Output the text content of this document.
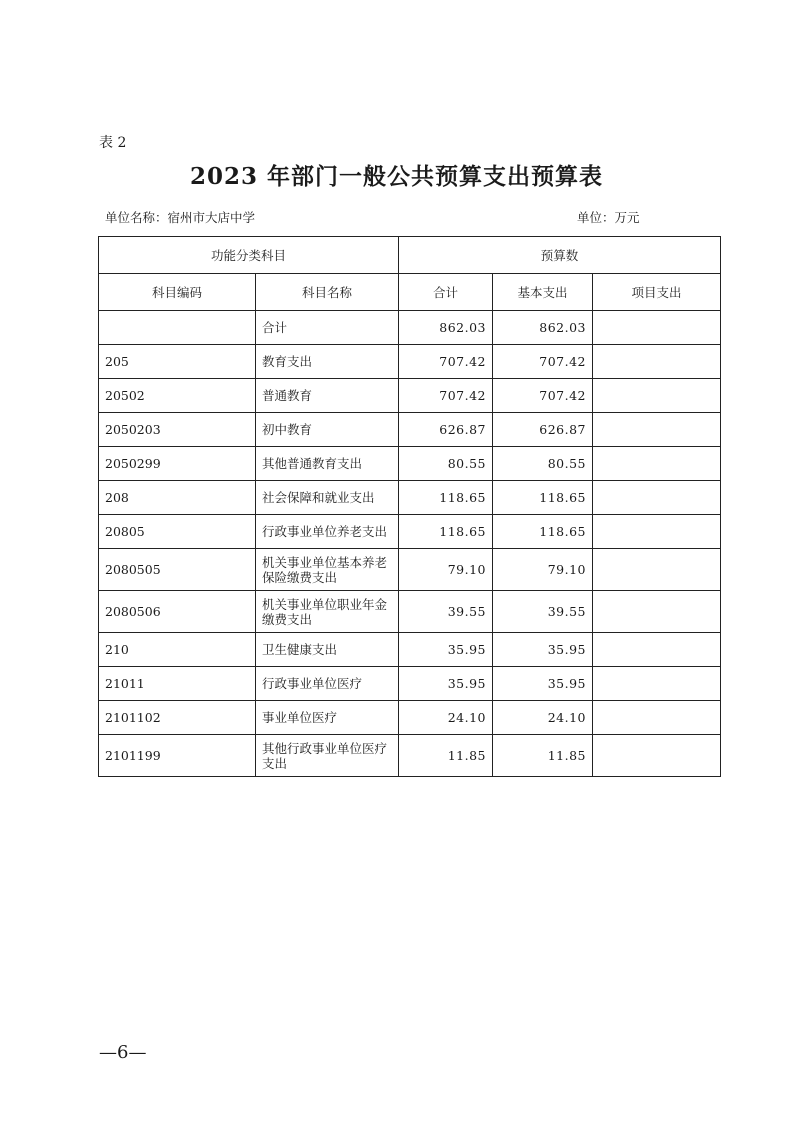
表 2
2023 年部门一般公共预算支出预算表
单位名称：宿州市大店中学	单位：万元
功能分类科目		预算数		
科目编码	科目名称	合计	基本支出	项目支出
	合计	862.03	862.03	
205	教育支出	707.42	707.42	
20502	普通教育	707.42	707.42	
2050203	初中教育	626.87	626.87	
2050299	其他普通教育支出	80.55	80.55	
208	社会保障和就业支出	118.65	118.65	
20805	行政事业单位养老支出	118.65	118.65	
2080505	机关事业单位基本养老保险缴费支出	79.10	79.10	
2080506	机关事业单位职业年金缴费支出	39.55	39.55	
210	卫生健康支出	35.95	35.95	
21011	行政事业单位医疗	35.95	35.95	
2101102	事业单位医疗	24.10	24.10	
2101199	其他行政事业单位医疗支出	11.85	11.85	
—6—
